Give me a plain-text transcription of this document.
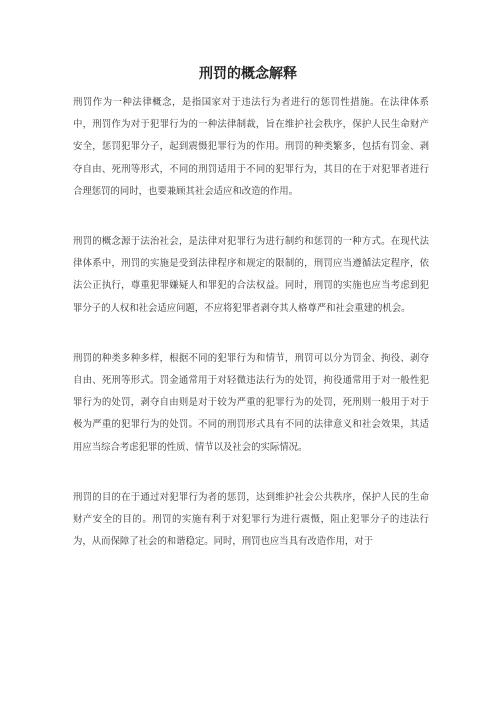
刑罚的概念解释

刑罚作为一种法律概念，是指国家对于违法行为者进行的惩罚性措施。在法律体系中，刑罚作为对于犯罪行为的一种法律制裁，旨在维护社会秩序，保护人民生命财产安全，惩罚犯罪分子，起到震慑犯罪行为的作用。刑罚的种类繁多，包括有罚金、剥夺自由、死刑等形式，不同的刑罚适用于不同的犯罪行为，其目的在于对犯罪者进行合理惩罚的同时，也要兼顾其社会适应和改造的作用。

刑罚的概念源于法治社会，是法律对犯罪行为进行制约和惩罚的一种方式。在现代法律体系中，刑罚的实施是受到法律程序和规定的限制的，刑罚应当遵循法定程序，依法公正执行，尊重犯罪嫌疑人和罪犯的合法权益。同时，刑罚的实施也应当考虑到犯罪分子的人权和社会适应问题，不应将犯罪者剥夺其人格尊严和社会重建的机会。

刑罚的种类多种多样，根据不同的犯罪行为和情节，刑罚可以分为罚金、拘役、剥夺自由、死刑等形式。罚金通常用于对轻微违法行为的处罚，拘役通常用于对一般性犯罪行为的处罚，剥夺自由则是对于较为严重的犯罪行为的处罚，死刑则一般用于对于极为严重的犯罪行为的处罚。不同的刑罚形式具有不同的法律意义和社会效果，其适用应当综合考虑犯罪的性质、情节以及社会的实际情况。

刑罚的目的在于通过对犯罪行为者的惩罚，达到维护社会公共秩序，保护人民的生命财产安全的目的。刑罚的实施有利于对犯罪行为进行震慑，阻止犯罪分子的违法行为，从而保障了社会的和谐稳定。同时，刑罚也应当具有改造作用，对于
